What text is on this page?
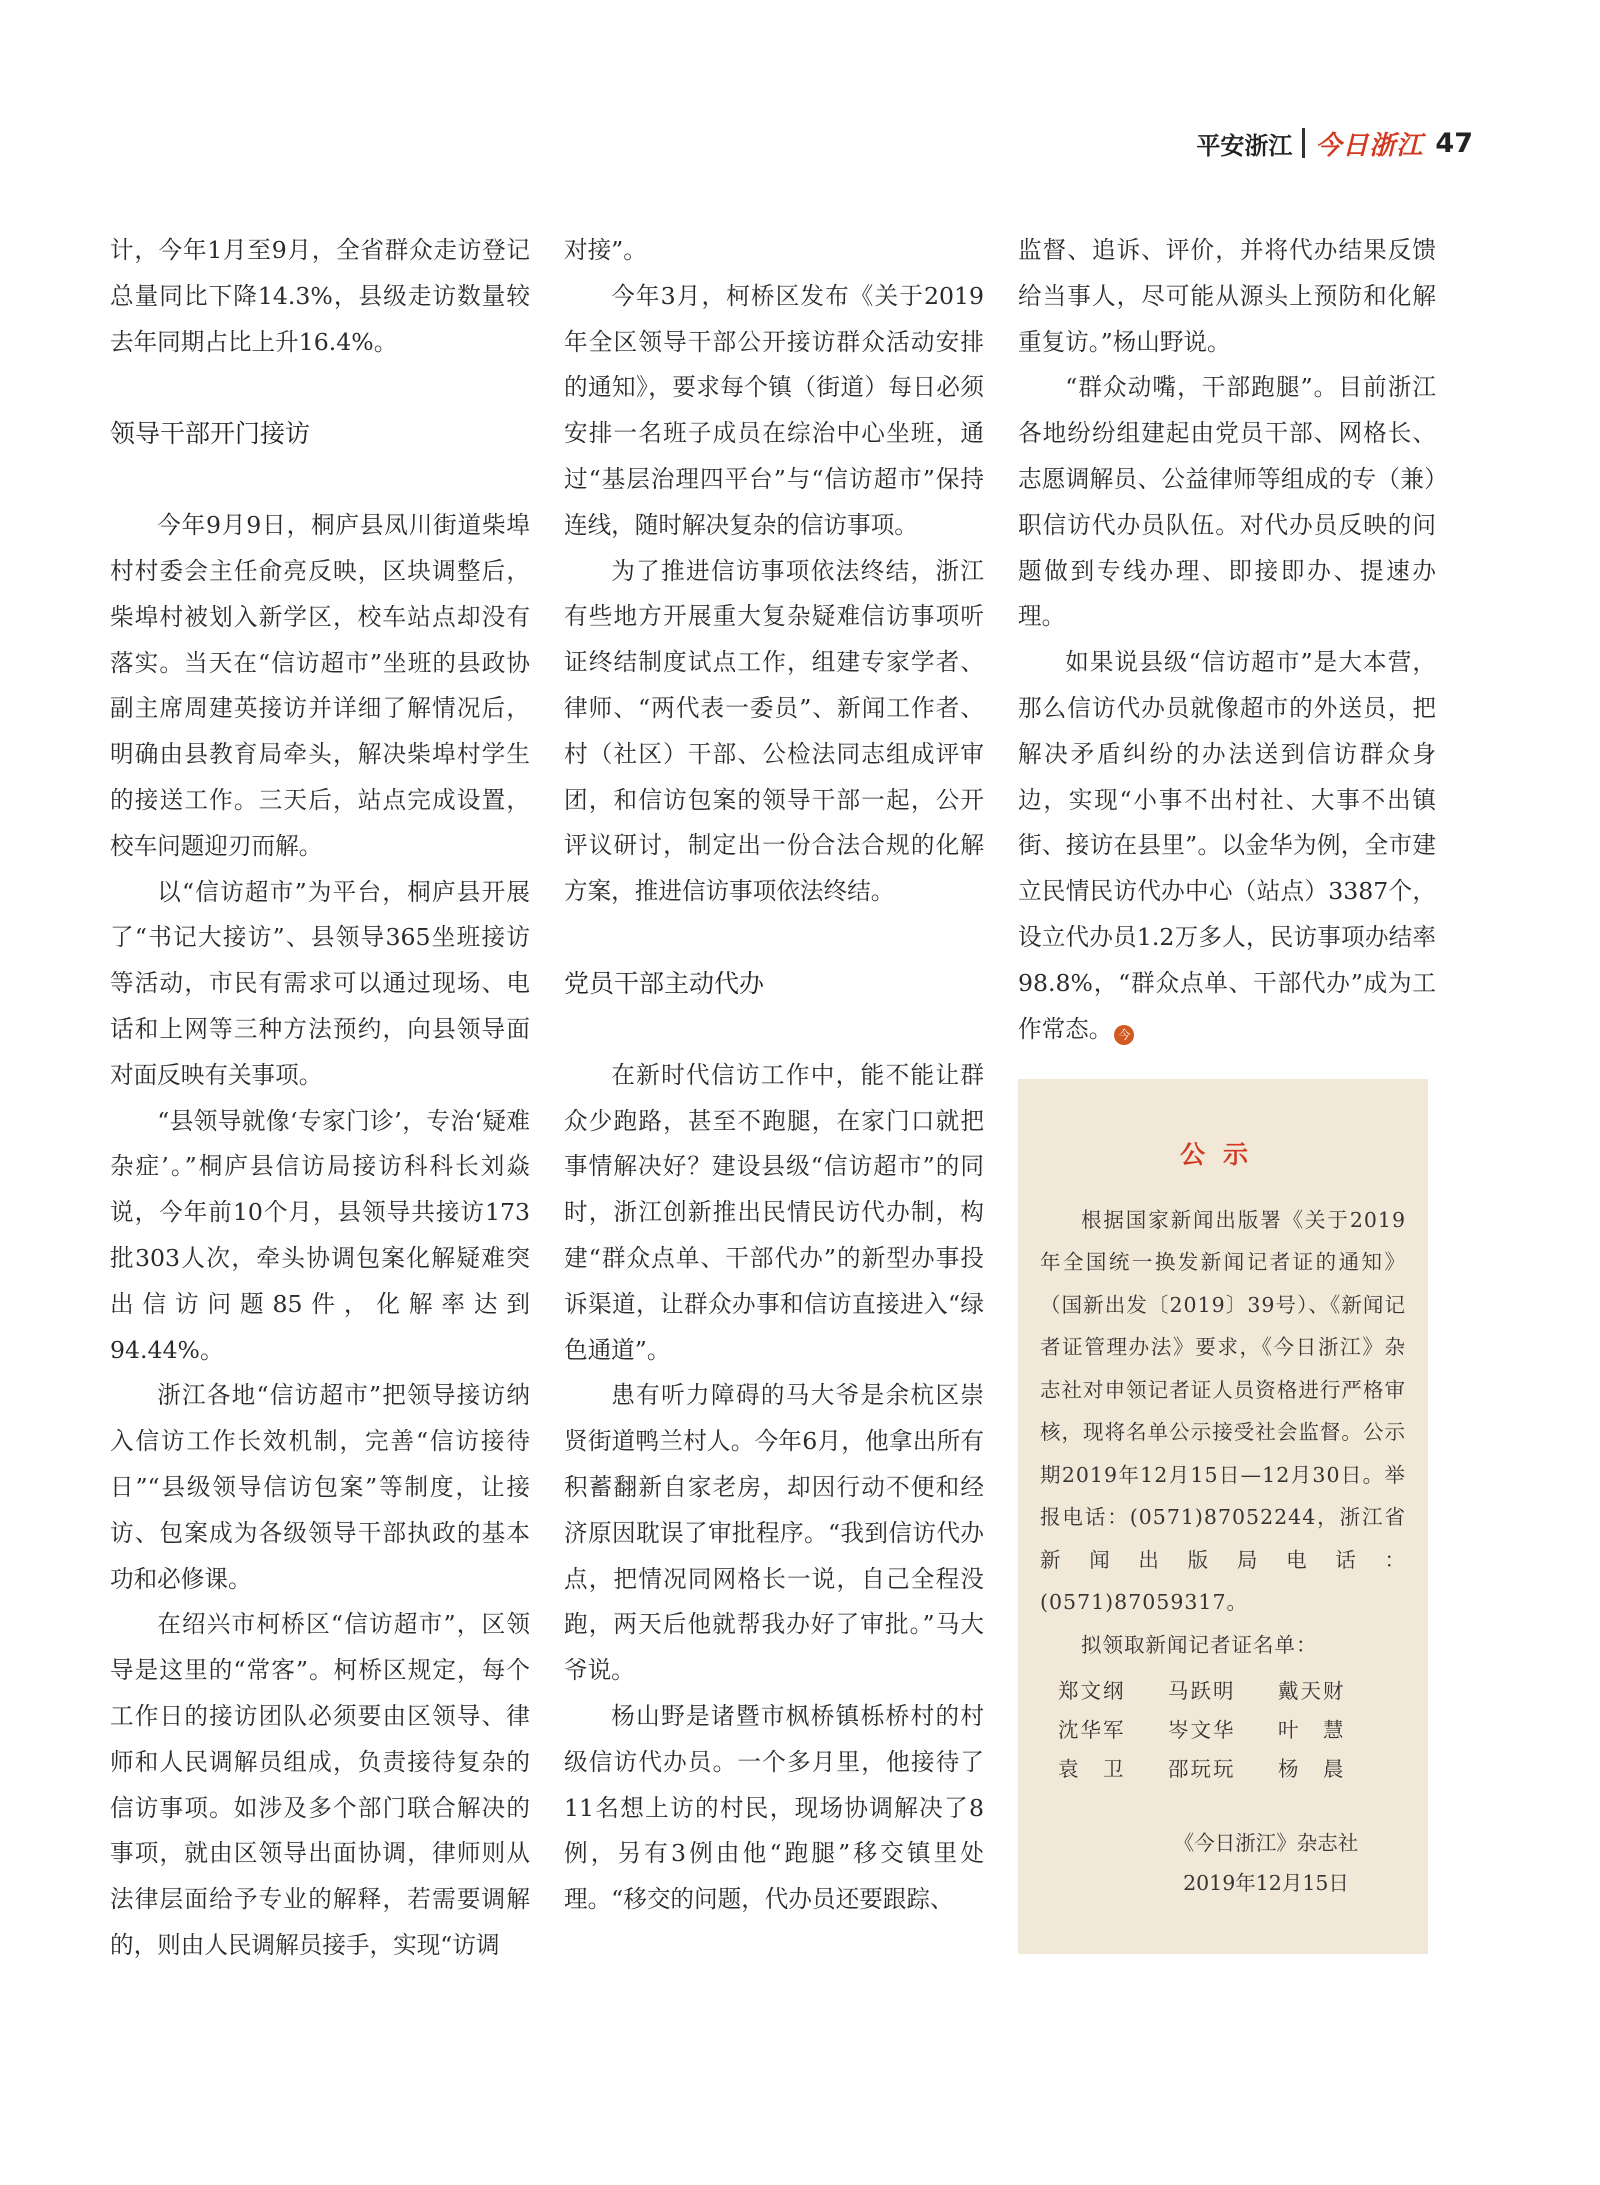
平安浙江 今日浙江 47

计，今年1月至9月，全省群众走访登记总量同比下降14.3%，县级走访数量较去年同期占比上升16.4%。

领导干部开门接访

今年9月9日，桐庐县凤川街道柴埠村村委会主任俞亮反映，区块调整后，柴埠村被划入新学区，校车站点却没有落实。当天在“信访超市”坐班的县政协副主席周建英接访并详细了解情况后，明确由县教育局牵头，解决柴埠村学生的接送工作。三天后，站点完成设置，校车问题迎刃而解。

以“信访超市”为平台，桐庐县开展了“书记大接访”、县领导365坐班接访等活动，市民有需求可以通过现场、电话和上网等三种方法预约，向县领导面对面反映有关事项。

“县领导就像‘专家门诊’，专治‘疑难杂症’。”桐庐县信访局接访科科长刘焱说，今年前10个月，县领导共接访173批303人次，牵头协调包案化解疑难突出信访问题85件，化解率达到94.44%。

浙江各地“信访超市”把领导接访纳入信访工作长效机制，完善“信访接待日”“县级领导信访包案”等制度，让接访、包案成为各级领导干部执政的基本功和必修课。

在绍兴市柯桥区“信访超市”，区领导是这里的“常客”。柯桥区规定，每个工作日的接访团队必须要由区领导、律师和人民调解员组成，负责接待复杂的信访事项。如涉及多个部门联合解决的事项，就由区领导出面协调，律师则从法律层面给予专业的解释，若需要调解的，则由人民调解员接手，实现“访调

对接”。

今年3月，柯桥区发布《关于2019年全区领导干部公开接访群众活动安排的通知》，要求每个镇（街道）每日必须安排一名班子成员在综治中心坐班，通过“基层治理四平台”与“信访超市”保持连线，随时解决复杂的信访事项。

为了推进信访事项依法终结，浙江有些地方开展重大复杂疑难信访事项听证终结制度试点工作，组建专家学者、律师、“两代表一委员”、新闻工作者、村（社区）干部、公检法同志组成评审团，和信访包案的领导干部一起，公开评议研讨，制定出一份合法合规的化解方案，推进信访事项依法终结。

党员干部主动代办

在新时代信访工作中，能不能让群众少跑路，甚至不跑腿，在家门口就把事情解决好？建设县级“信访超市”的同时，浙江创新推出民情民访代办制，构建“群众点单、干部代办”的新型办事投诉渠道，让群众办事和信访直接进入“绿色通道”。

患有听力障碍的马大爷是余杭区崇贤街道鸭兰村人。今年6月，他拿出所有积蓄翻新自家老房，却因行动不便和经济原因耽误了审批程序。“我到信访代办点，把情况同网格长一说，自己全程没跑，两天后他就帮我办好了审批。”马大爷说。

杨山野是诸暨市枫桥镇栎桥村的村级信访代办员。一个多月里，他接待了11名想上访的村民，现场协调解决了8例，另有3例由他“跑腿”移交镇里处理。“移交的问题，代办员还要跟踪、

监督、追诉、评价，并将代办结果反馈给当事人，尽可能从源头上预防和化解重复访。”杨山野说。

“群众动嘴，干部跑腿”。目前浙江各地纷纷组建起由党员干部、网格长、志愿调解员、公益律师等组成的专（兼）职信访代办员队伍。对代办员反映的问题做到专线办理、即接即办、提速办理。

如果说县级“信访超市”是大本营，那么信访代办员就像超市的外送员，把解决矛盾纠纷的办法送到信访群众身边，实现“小事不出村社、大事不出镇街、接访在县里”。以金华为例，全市建立民情民访代办中心（站点）3387个，设立代办员1.2万多人，民访事项办结率98.8%，“群众点单、干部代办”成为工作常态。 今

公示

根据国家新闻出版署《关于2019年全国统一换发新闻记者证的通知》（国新出发〔2019〕39号）、《新闻记者证管理办法》要求，《今日浙江》杂志社对申领记者证人员资格进行严格审核，现将名单公示接受社会监督。公示期2019年12月15日—12月30日。举报电话：(0571)87052244，浙江省新闻出版局电话：(0571)87059317。

拟领取新闻记者证名单：

郑文纲	马跃明	戴天财
沈华军	岑文华	叶　慧
袁　卫	邵玩玩	杨　晨
《今日浙江》杂志社
2019年12月15日
